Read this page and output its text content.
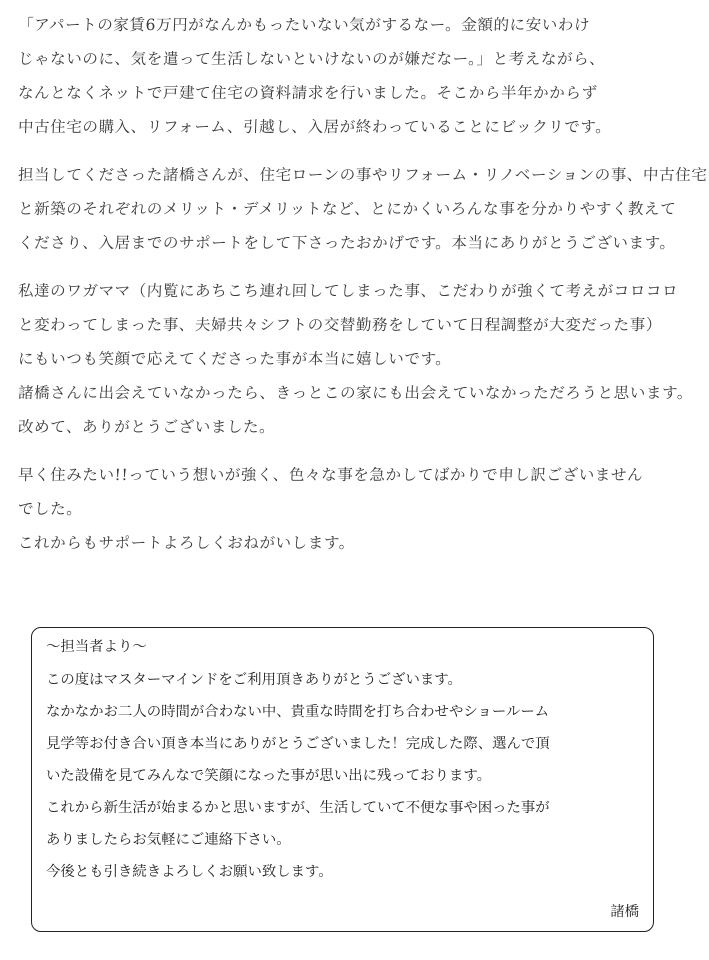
「アパートの家賃6万円がなんかもったいない気がするなー。金額的に安いわけ
じゃないのに、気を遣って生活しないといけないのが嫌だなー。」と考えながら、
なんとなくネットで戸建て住宅の資料請求を行いました。そこから半年かからず
中古住宅の購入、リフォーム、引越し、入居が終わっていることにビックリです。
担当してくださった諸橋さんが、住宅ローンの事やリフォーム・リノベーションの事、中古住宅
と新築のそれぞれのメリット・デメリットなど、とにかくいろんな事を分かりやすく教えて
くださり、入居までのサポートをして下さったおかげです。本当にありがとうございます。
私達のワガママ（内覧にあちこち連れ回してしまった事、こだわりが強くて考えがコロコロ
と変わってしまった事、夫婦共々シフトの交替勤務をしていて日程調整が大変だった事）
にもいつも笑顔で応えてくださった事が本当に嬉しいです。
諸橋さんに出会えていなかったら、きっとこの家にも出会えていなかっただろうと思います。
改めて、ありがとうございました。
早く住みたい!!っていう想いが強く、色々な事を急かしてばかりで申し訳ございません
でした。
これからもサポートよろしくおねがいします。
〜担当者より〜
この度はマスターマインドをご利用頂きありがとうございます。
なかなかお二人の時間が合わない中、貴重な時間を打ち合わせやショールーム
見学等お付き合い頂き本当にありがとうございました！完成した際、選んで頂
いた設備を見てみんなで笑顔になった事が思い出に残っております。
これから新生活が始まるかと思いますが、生活していて不便な事や困った事が
ありましたらお気軽にご連絡下さい。
今後とも引き続きよろしくお願い致します。
諸橋
